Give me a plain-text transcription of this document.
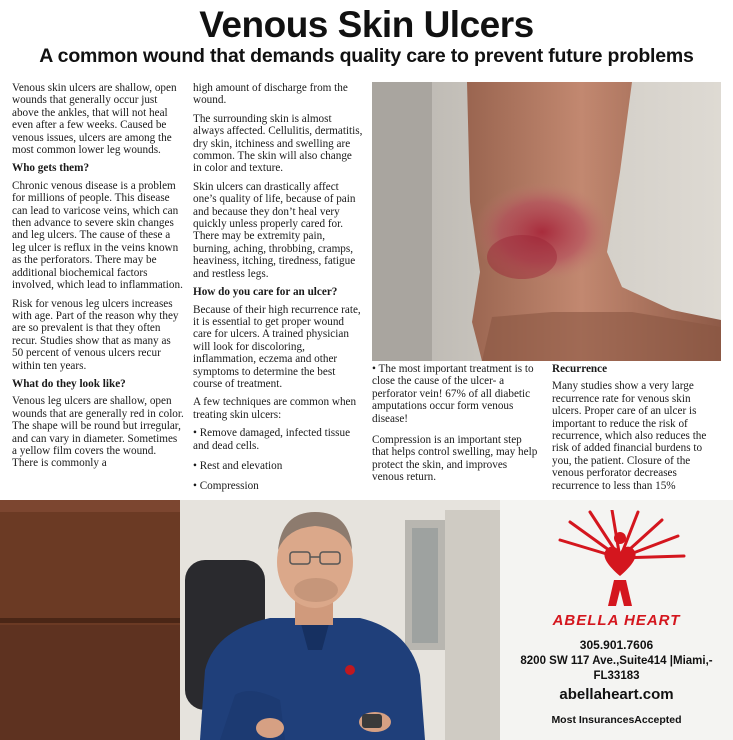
Venous Skin Ulcers
A common wound that demands quality care to prevent future problems

Venous skin ulcers are shallow, open wounds that generally occur just above the ankles, that will not heal even after a few weeks. Caused be venous issues, ulcers are among the most common lower leg wounds.

Who gets them?

Chronic venous disease is a problem for millions of people. This disease can lead to varicose veins, which can then advance to severe skin changes and leg ulcers. The cause of these a leg ulcer is reflux in the veins known as the perforators. There may be additional biochemical factors involved, which lead to inflammation.

Risk for venous leg ulcers increases with age. Part of the reason why they are so prevalent is that they often recur. Studies show that as many as 50 percent of venous ulcers recur within ten years.

What do they look like?

Venous leg ulcers are shallow, open wounds that are generally red in color. The shape will be round but irregular, and can vary in diameter. Sometimes a yellow film covers the wound. There is commonly a

high amount of discharge from the wound.

The surrounding skin is almost always affected. Cellulitis, dermatitis, dry skin, itchiness and swelling are common. The skin will also change in color and texture.

Skin ulcers can drastically affect one’s quality of life, because of pain and because they don’t heal very quickly unless properly cared for. There may be extremity pain, burning, aching, throbbing, cramps, heaviness, itching, tiredness, fatigue and restless legs.

How do you care for an ulcer?

Because of their high recurrence rate, it is essential to get proper wound care for ulcers. A trained physician will look for discoloring, inflammation, eczema and other symptoms to determine the best course of treatment.

A few techniques are common when treating skin ulcers:

• Remove damaged, infected tissue and dead cells.

• Rest and elevation

• Compression

• The most important treatment is to close the cause of the ulcer- a perforator vein! 67% of all diabetic amputations occur form venous disease!

Compression is an important step that helps control swelling, may help protect the skin, and improves venous return.

Recurrence

Many studies show a very large recurrence rate for venous skin ulcers. Proper care of an ulcer is important to reduce the risk of recurrence, which also reduces the risk of added financial burdens to you, the patient. Closure of the venous perforator decreases recurrence to less than 15%

ABELLA HEART
305.901.7606
8200 SW 117 Ave.,Suite414 |Miami,-FL33183
abellaheart.com
Most InsurancesAccepted
